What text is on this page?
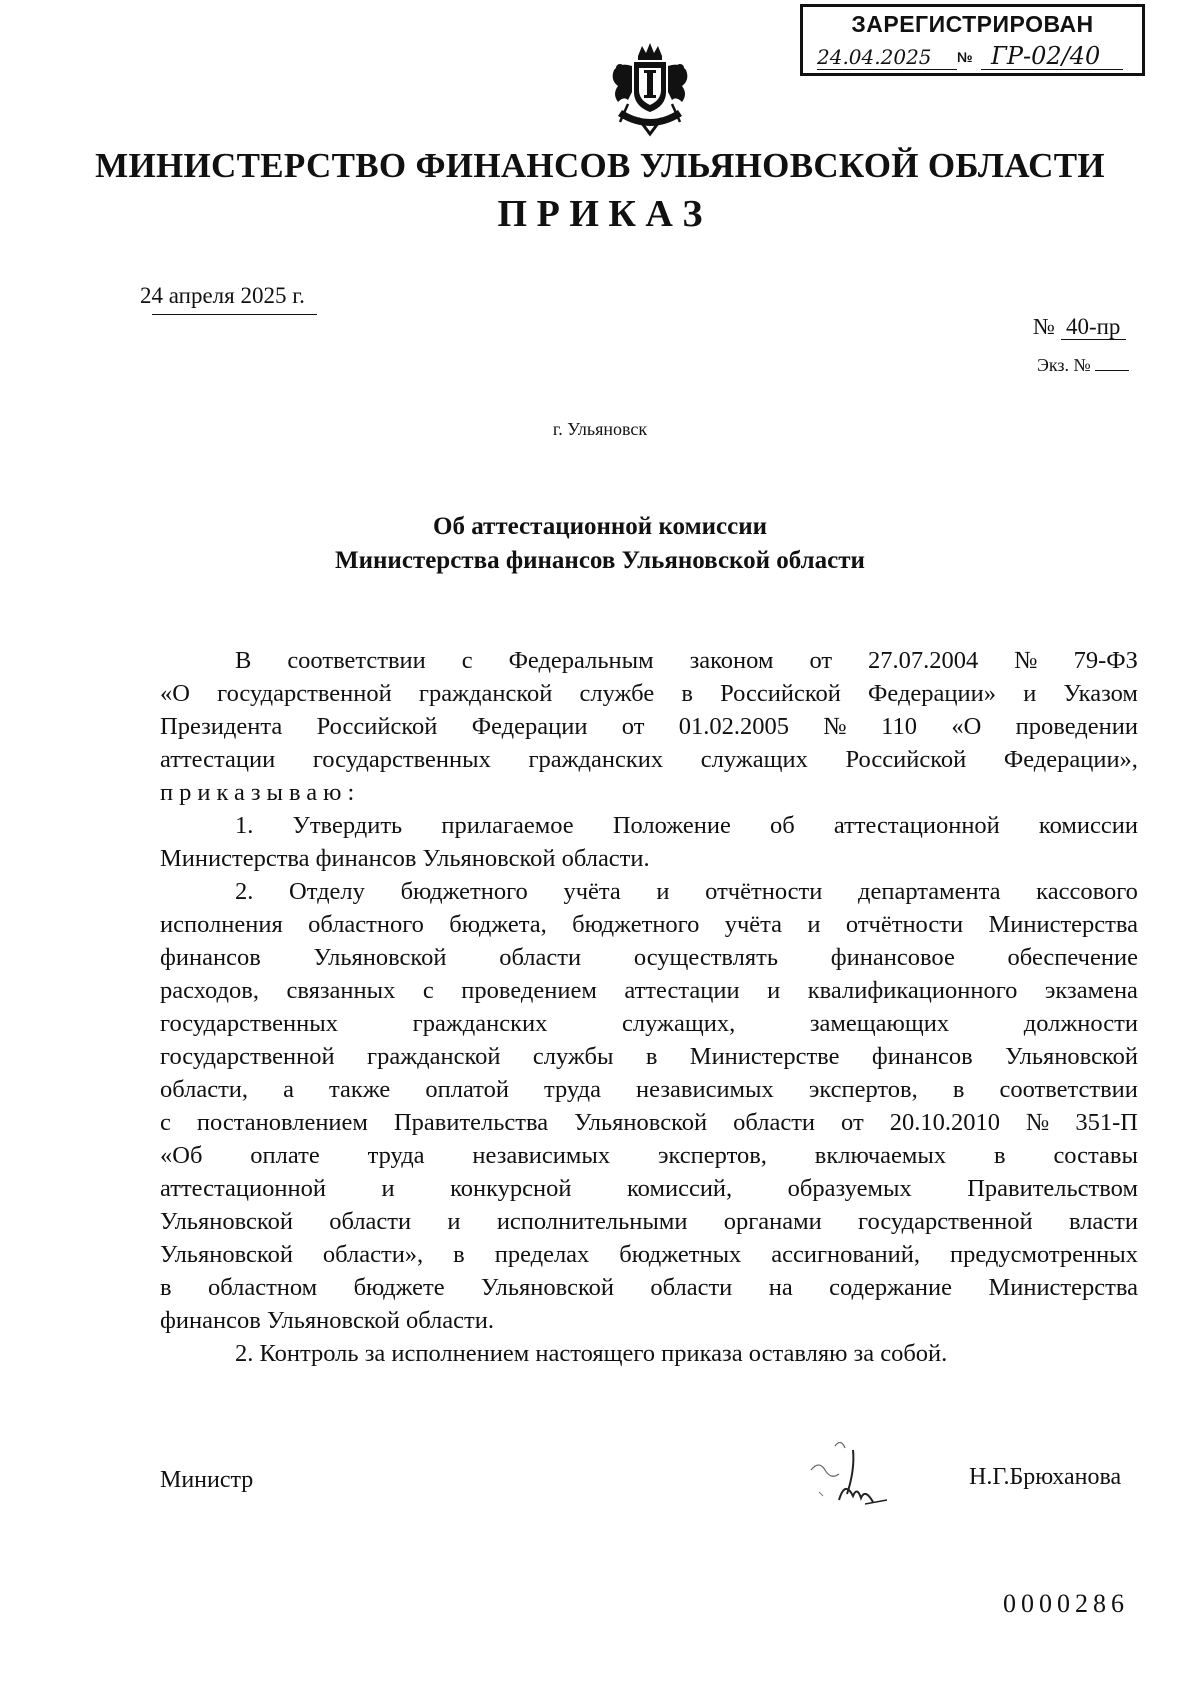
ЗАРЕГИСТРИРОВАН
24.04.2025	№ ГР-02/40
МИНИСТЕРСТВО ФИНАНСОВ УЛЬЯНОВСКОЙ ОБЛАСТИ
П Р И К А З
24 апреля 2025 г.
№ 40-пр
Экз. №
г. Ульяновск
Об аттестационной комиссии
Министерства финансов Ульяновской области
В соответствии с Федеральным законом от 27.07.2004 № 79-ФЗ
«О государственной гражданской службе в Российской Федерации» и Указом
Президента Российской Федерации от 01.02.2005 № 110 «О проведении
аттестации государственных гражданских служащих Российской Федерации»,
приказываю:
1. Утвердить прилагаемое Положение об аттестационной комиссии
Министерства финансов Ульяновской области.
2. Отделу бюджетного учёта и отчётности департамента кассового
исполнения областного бюджета, бюджетного учёта и отчётности Министерства
финансов Ульяновской области осуществлять финансовое обеспечение
расходов, связанных с проведением аттестации и квалификационного экзамена
государственных	гражданских	служащих,	замещающих	должности
государственной гражданской службы в Министерстве финансов Ульяновской
области, а также оплатой труда независимых экспертов, в соответствии
с постановлением Правительства Ульяновской области от 20.10.2010 № 351-П
«Об оплате труда независимых экспертов, включаемых в составы
аттестационной и конкурсной комиссий, образуемых Правительством
Ульяновской области и исполнительными органами государственной власти
Ульяновской области», в пределах бюджетных ассигнований, предусмотренных
в областном бюджете Ульяновской области на содержание Министерства
финансов Ульяновской области.
2. Контроль за исполнением настоящего приказа оставляю за собой.
Министр	Н.Г.Брюханова
0000286
